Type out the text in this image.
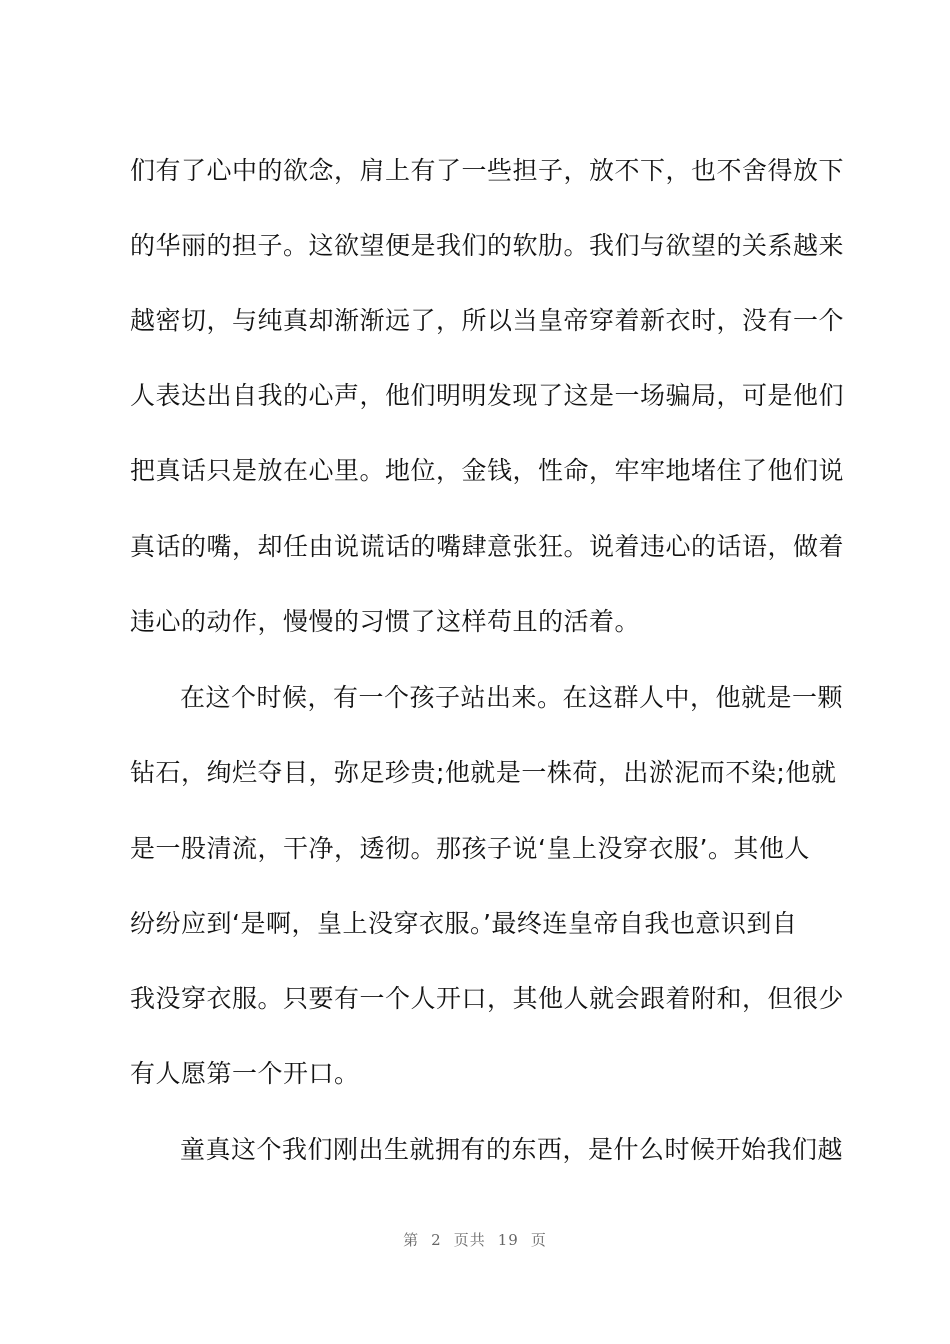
们有了心中的欲念，肩上有了一些担子，放不下，也不舍得放下
的华丽的担子。这欲望便是我们的软肋。我们与欲望的关系越来
越密切，与纯真却渐渐远了，所以当皇帝穿着新衣时，没有一个
人表达出自我的心声，他们明明发现了这是一场骗局，可是他们
把真话只是放在心里。地位，金钱，性命，牢牢地堵住了他们说
真话的嘴，却任由说谎话的嘴肆意张狂。说着违心的话语，做着
违心的动作，慢慢的习惯了这样苟且的活着。
在这个时候，有一个孩子站出来。在这群人中，他就是一颗
钻石，绚烂夺目，弥足珍贵;他就是一株荷，出淤泥而不染;他就
是一股清流，干净，透彻。那孩子说‘皇上没穿衣服’。其他人
纷纷应到‘是啊，皇上没穿衣服。’最终连皇帝自我也意识到自
我没穿衣服。只要有一个人开口，其他人就会跟着附和，但很少
有人愿第一个开口。
童真这个我们刚出生就拥有的东西，是什么时候开始我们越
第 2 页共 19 页
